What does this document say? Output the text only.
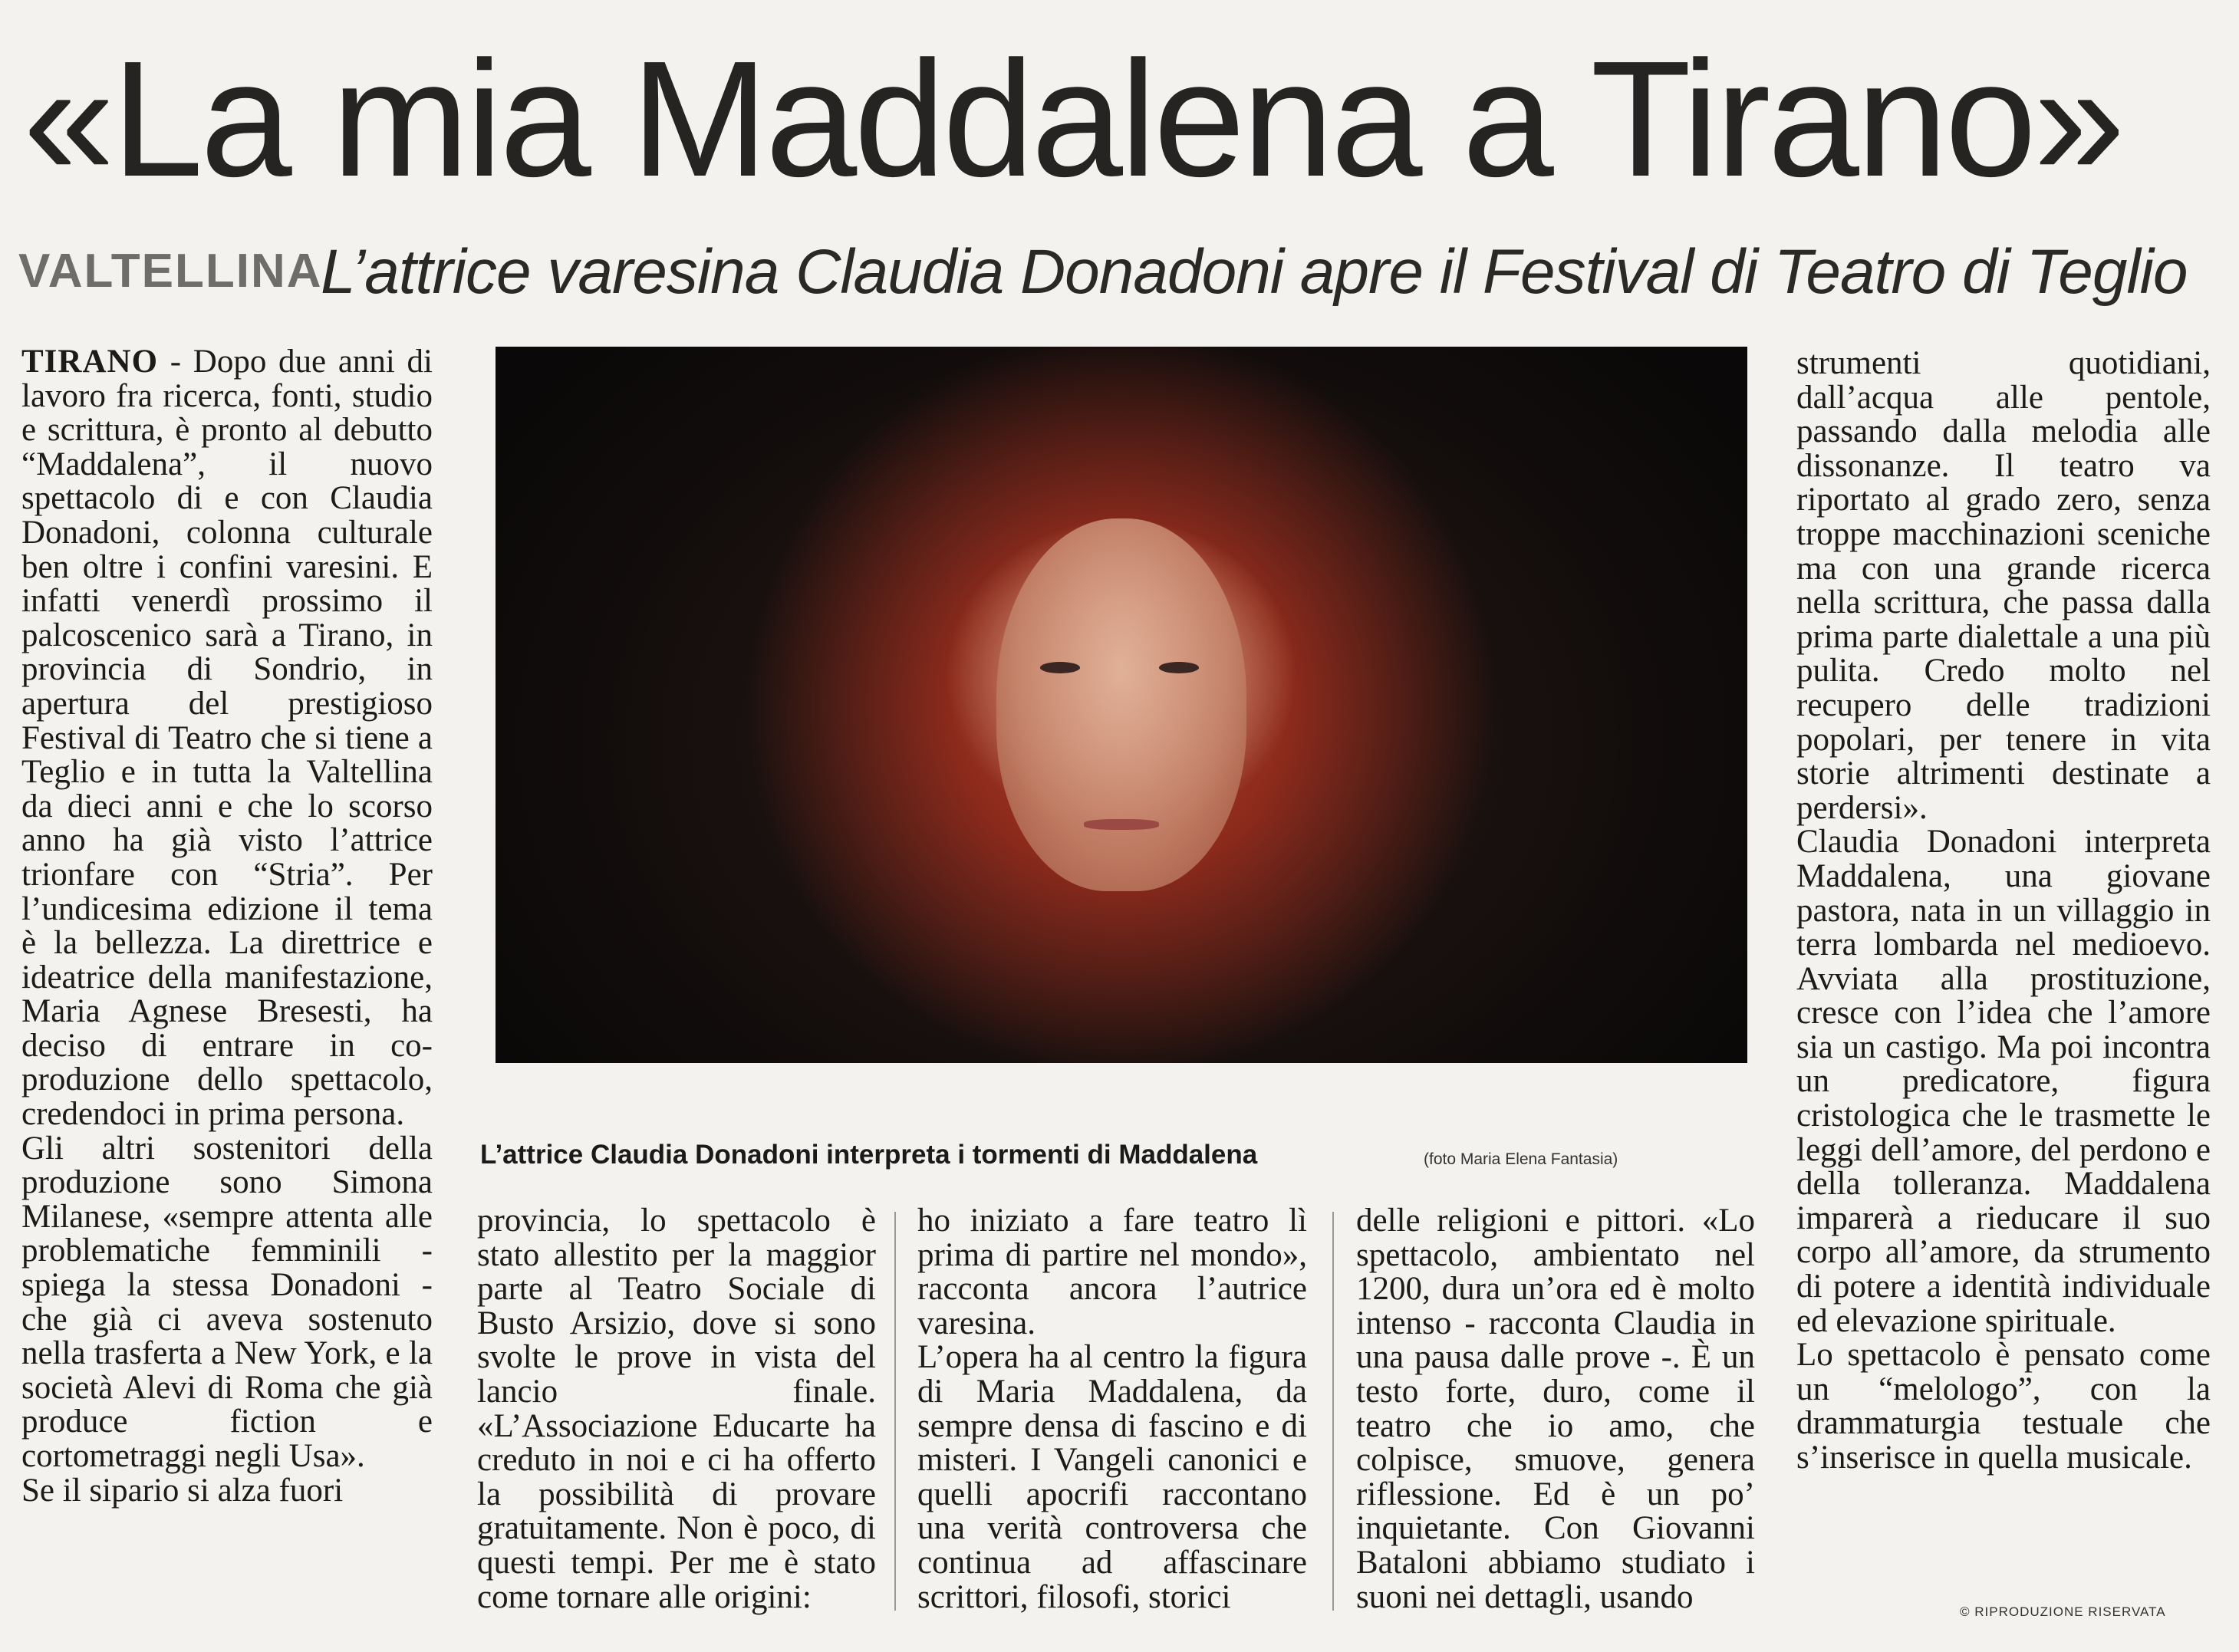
«La mia Maddalena a Tirano»
VALTELLINA
L’attrice varesina Claudia Donadoni apre il Festival di Teatro di Teglio

TIRANO - Dopo due anni di lavoro fra ricerca, fonti, studio e scrittura, è pronto al debutto “Maddalena”, il nuovo spettacolo di e con Claudia Donadoni, colonna culturale ben oltre i confini varesini. E infatti venerdì prossimo il palcoscenico sarà a Tirano, in provincia di Sondrio, in apertura del prestigioso Festival di Teatro che si tiene a Teglio e in tutta la Valtellina da dieci anni e che lo scorso anno ha già visto l’attrice trionfare con “Stria”. Per l’undicesima edizione il tema è la bellezza. La direttrice e ideatrice della manifestazione, Maria Agnese Bresesti, ha deciso di entrare in co-produzione dello spettacolo, credendoci in prima persona.

Gli altri sostenitori della produzione sono Simona Milanese, «sempre attenta alle problematiche femminili - spiega la stessa Donadoni - che già ci aveva sostenuto nella trasferta a New York, e la società Alevi di Roma che già produce fiction e cortometraggi negli Usa».

Se il sipario si alza fuori

L’attrice Claudia Donadoni interpreta i tormenti di Maddalena	(foto Maria Elena Fantasia)

provincia, lo spettacolo è stato allestito per la maggior parte al Teatro Sociale di Busto Arsizio, dove si sono svolte le prove in vista del lancio finale. «L’Associazione Educarte ha creduto in noi e ci ha offerto la possibilità di provare gratuitamente. Non è poco, di questi tempi. Per me è stato come tornare alle origini:

ho iniziato a fare teatro lì prima di partire nel mondo», racconta ancora l’autrice varesina.

L’opera ha al centro la figura di Maria Maddalena, da sempre densa di fascino e di misteri. I Vangeli canonici e quelli apocrifi raccontano una verità controversa che continua ad affascinare scrittori, filosofi, storici

delle religioni e pittori. «Lo spettacolo, ambientato nel 1200, dura un’ora ed è molto intenso - racconta Claudia in una pausa dalle prove -. È un testo forte, duro, come il teatro che io amo, che colpisce, smuove, genera riflessione. Ed è un po’ inquietante. Con Giovanni Bataloni abbiamo studiato i suoni nei dettagli, usando

strumenti quotidiani, dall’acqua alle pentole, passando dalla melodia alle dissonanze. Il teatro va riportato al grado zero, senza troppe macchinazioni sceniche ma con una grande ricerca nella scrittura, che passa dalla prima parte dialettale a una più pulita. Credo molto nel recupero delle tradizioni popolari, per tenere in vita storie altrimenti destinate a perdersi».

Claudia Donadoni interpreta Maddalena, una giovane pastora, nata in un villaggio in terra lombarda nel medioevo. Avviata alla prostituzione, cresce con l’idea che l’amore sia un castigo. Ma poi incontra un predicatore, figura cristologica che le trasmette le leggi dell’amore, del perdono e della tolleranza. Maddalena imparerà a rieducare il suo corpo all’amore, da strumento di potere a identità individuale ed elevazione spirituale.

Lo spettacolo è pensato come un “melologo”, con la drammaturgia testuale che s’inserisce in quella musicale.

© RIPRODUZIONE RISERVATA
